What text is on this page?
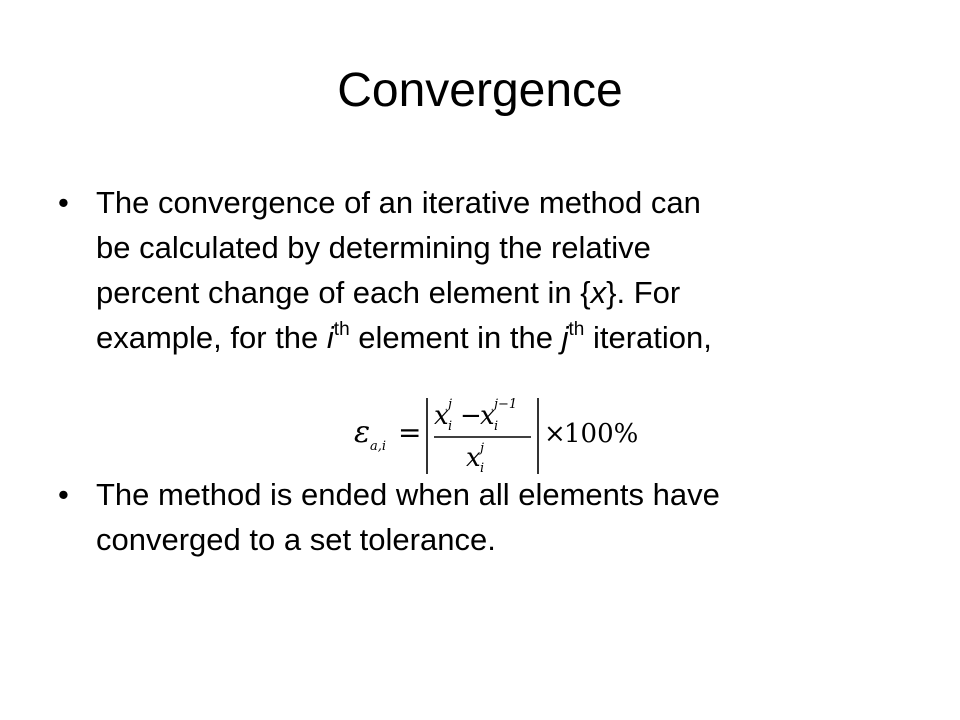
Convergence
• The convergence of an iterative method can
be calculated by determining the relative
percent change of each element in {x}. For
example, for the $i^{th}$ element in the $j^{th}$ iteration,
• The method is ended when all elements have
converged to a set tolerance.
ε a,i = x j
i −
x j−1
i
x j
i
×
100%
